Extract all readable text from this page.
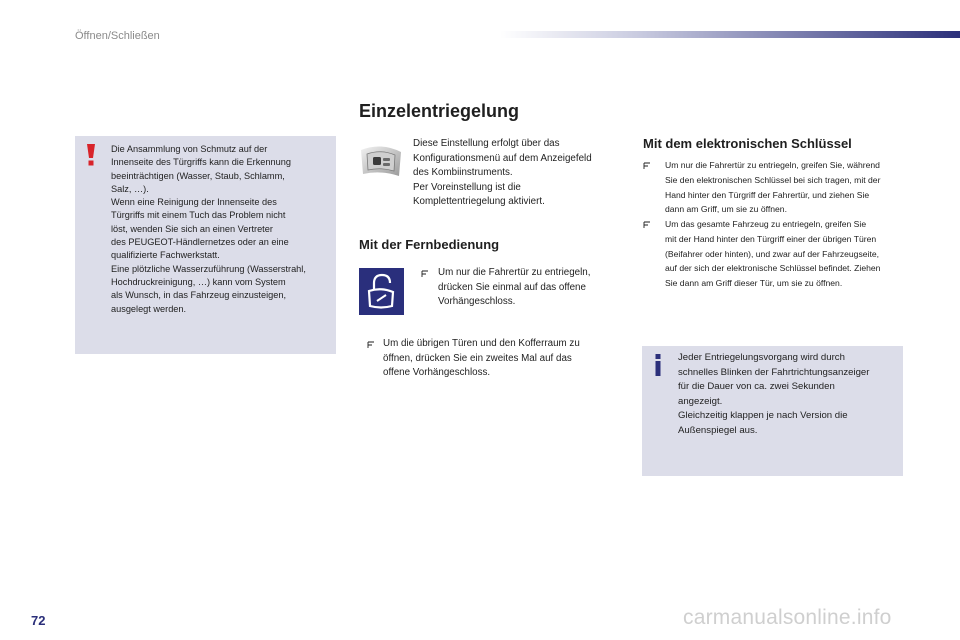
Öffnen/Schließen
Einzelentriegelung
Die Ansammlung von Schmutz auf der
Innenseite des Türgriffs kann die Erkennung
beeinträchtigen (Wasser, Staub, Schlamm,
Salz, …).
Wenn eine Reinigung der Innenseite des
Türgriffs mit einem Tuch das Problem nicht
löst, wenden Sie sich an einen Vertreter
des PEUGEOT-Händlernetzes oder an eine
qualifizierte Fachwerkstatt.
Eine plötzliche Wasserzuführung (Wasserstrahl,
Hochdruckreinigung, …) kann vom System
als Wunsch, in das Fahrzeug einzusteigen,
ausgelegt werden.
Diese Einstellung erfolgt über das
Konfigurationsmenü auf dem Anzeigefeld
des Kombiinstruments.
Per Voreinstellung ist die
Komplettentriegelung aktiviert.
Mit der Fernbedienung
Um nur die Fahrertür zu entriegeln,
drücken Sie einmal auf das offene
Vorhängeschloss.
Um die übrigen Türen und den Kofferraum zu
öffnen, drücken Sie ein zweites Mal auf das
offene Vorhängeschloss.
Mit dem elektronischen Schlüssel
Um nur die Fahrertür zu entriegeln, greifen Sie, während
Sie den elektronischen Schlüssel bei sich tragen, mit der
Hand hinter den Türgriff der Fahrertür, und ziehen Sie
dann am Griff, um sie zu öffnen.
Um das gesamte Fahrzeug zu entriegeln, greifen Sie
mit der Hand hinter den Türgriff einer der übrigen Türen
(Beifahrer oder hinten), und zwar auf der Fahrzeugseite,
auf der sich der elektronische Schlüssel befindet. Ziehen
Sie dann am Griff dieser Tür, um sie zu öffnen.
Jeder Entriegelungsvorgang wird durch
schnelles Blinken der Fahrtrichtungsanzeiger
für die Dauer von ca. zwei Sekunden
angezeigt.
Gleichzeitig klappen je nach Version die
Außenspiegel aus.
72	carmanualsonline.info
